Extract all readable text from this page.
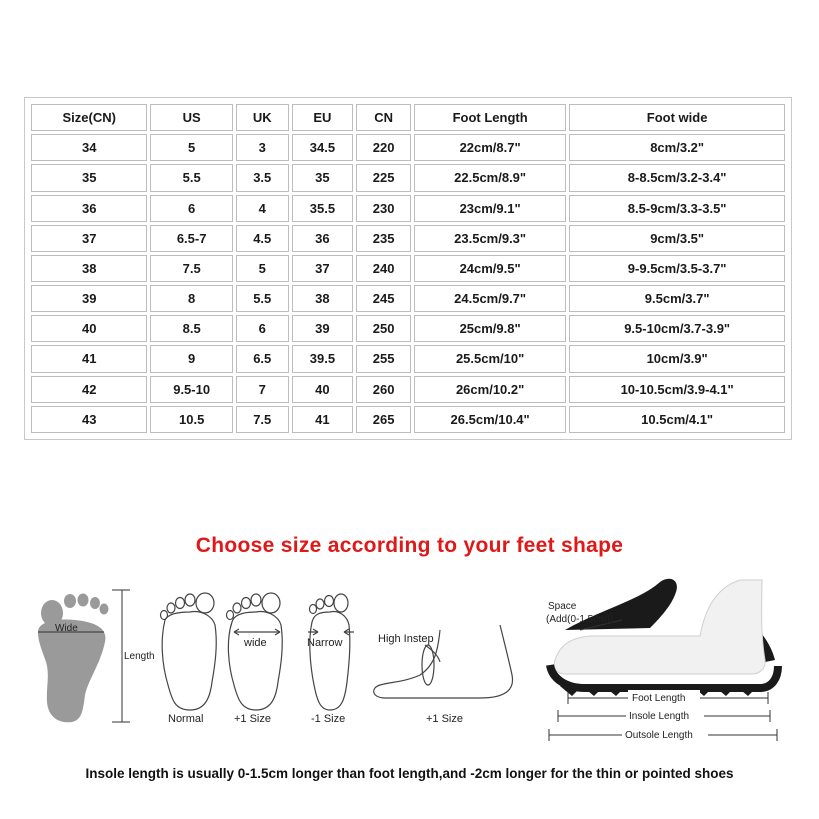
Size(CN)	US	UK	EU	CN	Foot Length	Foot wide
34	5	3	34.5	220	22cm/8.7"	8cm/3.2"
35	5.5	3.5	35	225	22.5cm/8.9"	8-8.5cm/3.2-3.4"
36	6	4	35.5	230	23cm/9.1"	8.5-9cm/3.3-3.5"
37	6.5-7	4.5	36	235	23.5cm/9.3"	9cm/3.5"
38	7.5	5	37	240	24cm/9.5"	9-9.5cm/3.5-3.7"
39	8	5.5	38	245	24.5cm/9.7"	9.5cm/3.7"
40	8.5	6	39	250	25cm/9.8"	9.5-10cm/3.7-3.9"
41	9	6.5	39.5	255	25.5cm/10"	10cm/3.9"
42	9.5-10	7	40	260	26cm/10.2"	10-10.5cm/3.9-4.1"
43	10.5	7.5	41	265	26.5cm/10.4"	10.5cm/4.1"
Choose size according to your feet shape
Wide
Length
Normal
wide
+1 Size
Narrow
-1 Size
High Instep
+1 Size
Space
(Add(0-1.5cm))
Foot Length
Insole Length
Outsole Length
Insole length is usually 0-1.5cm longer than foot length,and -2cm longer for the thin or pointed shoes
